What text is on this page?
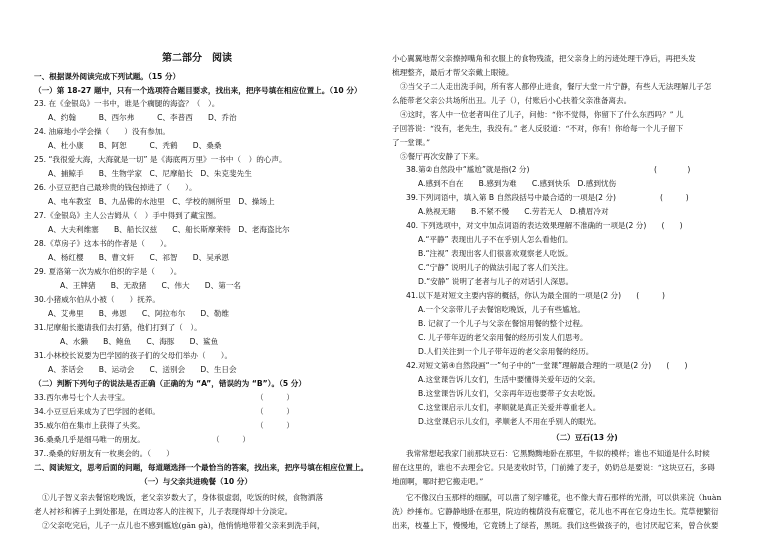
第二部分　阅读
一、根据课外阅读完成下列试题。（15 分）
（一）第 18-27 题中，只有一个选项符合题目要求，找出来，把序号填在相应位置上。（10 分）
23. 在《金银岛》一书中，谁是个瘸腿的海盗？（　）。
A、约翰　　　B、西尔弗　　　C、李普西　　D、乔治
24. 油麻地小学会操（　　）没有参加。
A、杜小康　　B、阿恕　　　C、秃鹤　　D、桑桑
25. “我很爱大海，大海就是一切” 是《海底两万里》一书中（　）的心声。
A、捕鲸手　　B、生物学家　C、尼摩船长　D、朱克斐先生
26. 小豆豆把自己最珍贵的钱包掉进了（　　）。
A、电车教室　B、九品佛的水池里　C、学校的厕所里　D、操场上
27.《金银岛》主人公吉姆从（　）手中得到了藏宝图。
A、大夫利维塞　　B、船长汉兹　　C、船长斯摩莱特　D、老海盗比尔
28.《草房子》这本书的作者是（　　）。
A、杨红樱　　B、曹文轩　　C、祁智　　D、吴承恩
29. 夏洛第一次为威尔伯织的字是（　　）。
A、王牌猪　　B、无敌猪　　C、伟大　　D、第一名
30.小猪威尔伯从小被（　　）抚养。
A、艾弗里　　B、弗恩　　C、阿拉布尔　　D、勒维
31.尼摩船长邀请我们去打猎，他们打到了（　）。
A、水獭　　B、鲍鱼　　C、海豚　　D、鲨鱼
31.小林校长说要为巴学园的孩子们的父母们举办（　　）。
A、茶话会　　B、运动会　　C、送别会　　D、生日会
（二）判断下列句子的说法是否正确（正确的为 “A”，错误的为 “B”）。（5 分）
33.西尔弗号七个人去寻宝。	（　　　）
34.小豆豆后来成为了巴学园的老师。	（　　　）
35.威尔伯在集市上获得了头奖。	（　　　）
36.桑桑几乎是细马唯一的朋友。	（　　　）
37..桑桑的好朋友有一枚奥会的。（　　）
二、阅读短文，思考后面的问题，每道题选择一个最恰当的答案，找出来，把序号填在相应位置上。
（一）与父亲共进晚餐（10 分）
①儿子智义亲去餐馆吃晚饭，老父亲岁数大了，身体很虚弱，吃饭的时候，食物洒落
老人衬衫和裤子上到处都是，在周边客人的注视下，儿子表现得却十分淡定。
②父亲吃完后，儿子一点儿也不感到尴尬(gān gà)，他悄悄地带着父亲来到洗手间，
小心翼翼地帮父亲擦掉嘴角和衣服上的食物残渣，把父亲身上的污迹处理干净后，再把头发
梳理整齐，最后才帮父亲戴上眼镜。
③当父子二人走出洗手间，所有客人都停止进食，餐厅大堂一片宁静，有些人无法理解儿子怎
么能带老父亲公共场所出丑。儿子（），付账后小心扶着父亲准备离去。
④这时，客人中一位老者叫住了儿子，问他：“你不觉得，你留下了什么东西吗？” 儿
子回答说：“没有，老先生，我没有。” 老人反驳道：“不对，你有！你给每一个儿子留下
了一堂课。”
⑤餐厅再次安静了下来。
38.第②自然段中“尴尬”就是指(2 分)	(　　　　)
A.感到不自在　　B.感到为难　　C.感到快乐　D.感到忧伤
39.下列词语中，填入第 B 自然段括号中最合适的一项是(2 分)	(　　　)
A.熟视无睹　　B.不紧不慢　　C.劳若无人　D.横眉冷对
40. 下列选项中，对文中加点词语的表达效果理解不准确的一项是(2 分)　　(　　)
A.“平静” 表现出儿子不在乎别人怎么看他们。
B.“注视” 表现出客人们很喜欢观察老人吃饭。
C.“宁静” 说明儿子的做法引起了客人们关注。
D.“安静” 说明了老者与儿子的对话引人深思。
41.以下是对短文主要内容的概括，你认为最全面的一项是(2 分)　　(　　　)
A.一个父亲带儿子去餐馆吃晚饭，儿子有些尴尬。
B. 记叙了一个儿子与父亲在餐馆用餐的整个过程。
C. 儿子带年迈的老父亲用餐的经历引发人们思考。
D.人们关注到一个儿子带年迈的老父亲用餐的经历。
42.对短文第④自然段画“一”句子中的“一堂课”理解最合理的一项是(2 分)　　(　　)
A.这堂课告诉儿女们，生活中要懂得关爱年迈的父亲。
B.这堂课告诉儿女们，父亲再年迈也要带子女去吃饭。
C.这堂课启示儿女们，孝顺就是真正关爱并尊重老人。
D.这堂课启示儿女们，孝顺老人不用在乎别人的眼光。
（二）豆石(13 分)
我常常想起我家门前那块豆石：它黑黝黝地卧在那里，牛似的模样；谁也不知道是什么时候
留在这里的，谁也不去理会它。只是麦收时节，门前摊了麦子，奶奶总是要说：“这块豆石，多碍
地面啊，哪时把它搬走吧。”
它不像汉白玉那样的细腻，可以凿了刻字雕花，也不像大青石那样的光滑，可以供来浣（huàn
洗）纱捶布。它静静地卧在那里，院边的槐荫没有庇覆它，花儿也不再在它身边生长。荒草便繁衍
出来，枝蔓上下，慢慢地，它竟锈上了绿苔，黑斑。我们这些做孩子的，也讨厌起它来，曾合伙要
